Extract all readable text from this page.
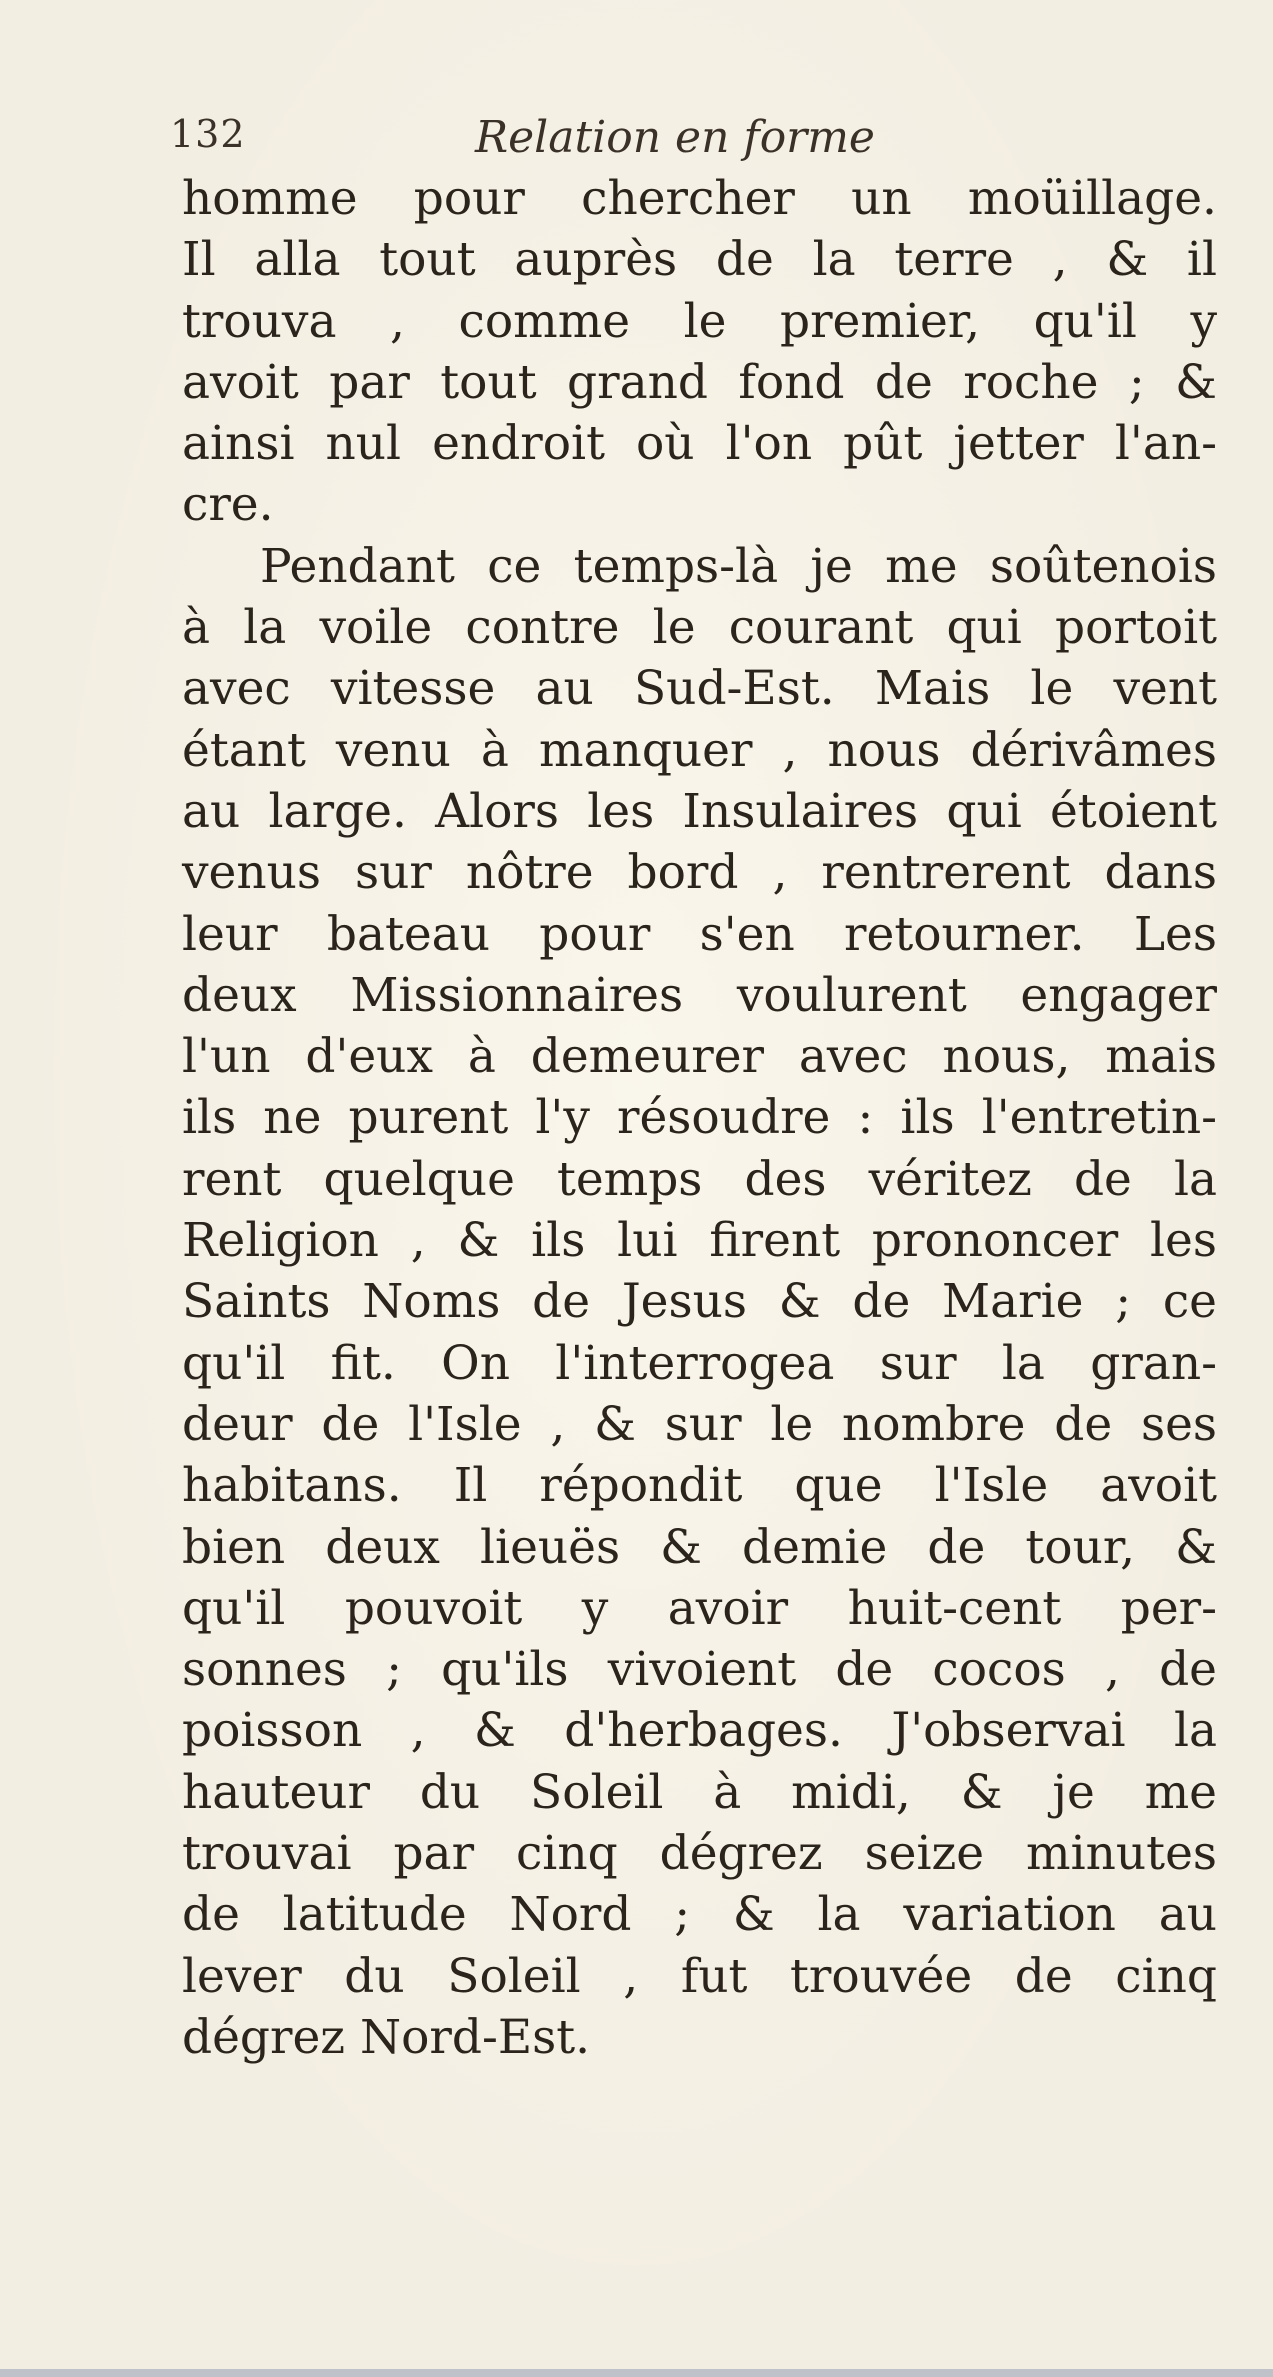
132	Relation en forme
homme pour chercher un moüillage.
Il alla tout auprès de la terre , & il
trouva , comme le premier, qu'il y
avoit par tout grand fond de roche ; &
ainsi nul endroit où l'on pût jetter l'an-
cre.
Pendant ce temps-là je me soûtenois
à la voile contre le courant qui portoit
avec vitesse au Sud-Est. Mais le vent
étant venu à manquer , nous dérivâmes
au large. Alors les Insulaires qui étoient
venus sur nôtre bord , rentrerent dans
leur bateau pour s'en retourner. Les
deux Missionnaires voulurent engager
l'un d'eux à demeurer avec nous, mais
ils ne purent l'y résoudre : ils l'entretin-
rent quelque temps des véritez de la
Religion , & ils lui firent prononcer les
Saints Noms de Jesus & de Marie ; ce
qu'il fit. On l'interrogea sur la gran-
deur de l'Isle , & sur le nombre de ses
habitans. Il répondit que l'Isle avoit
bien deux lieuës & demie de tour, &
qu'il pouvoit y avoir huit-cent per-
sonnes ; qu'ils vivoient de cocos , de
poisson , & d'herbages. J'observai la
hauteur du Soleil à midi, & je me
trouvai par cinq dégrez seize minutes
de latitude Nord ; & la variation au
lever du Soleil , fut trouvée de cinq
dégrez Nord-Est.
